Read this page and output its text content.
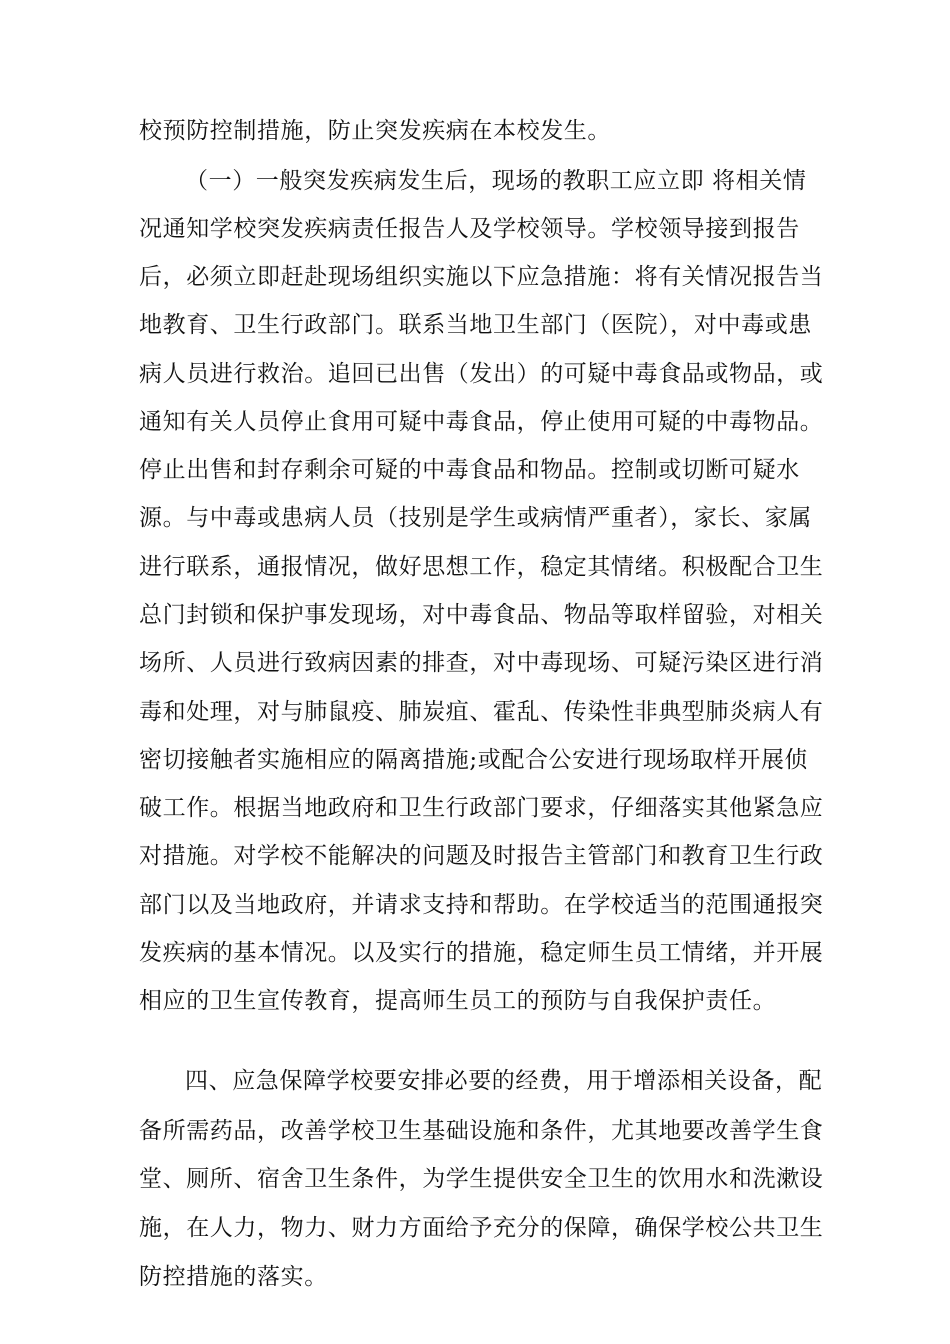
校预防控制措施，防止突发疾病在本校发生。
（一）一般突发疾病发生后，现场的教职工应立即 将相关情
况通知学校突发疾病责任报告人及学校领导。学校领导接到报告
后，必须立即赶赴现场组织实施以下应急措施：将有关情况报告当
地教育、卫生行政部门。联系当地卫生部门（医院），对中毒或患
病人员进行救治。追回已出售（发出）的可疑中毒食品或物品，或
通知有关人员停止食用可疑中毒食品，停止使用可疑的中毒物品。
停止出售和封存剩余可疑的中毒食品和物品。控制或切断可疑水
源。与中毒或患病人员（技别是学生或病情严重者），家长、家属
进行联系，通报情况，做好思想工作，稳定其情绪。积极配合卫生
总门封锁和保护事发现场，对中毒食品、物品等取样留验，对相关
场所、人员进行致病因素的排查，对中毒现场、可疑污染区进行消
毒和处理，对与肺鼠疫、肺炭疽、霍乱、传染性非典型肺炎病人有
密切接触者实施相应的隔离措施;或配合公安进行现场取样开展侦
破工作。根据当地政府和卫生行政部门要求，仔细落实其他紧急应
对措施。对学校不能解决的问题及时报告主管部门和教育卫生行政
部门以及当地政府，并请求支持和帮助。在学校适当的范围通报突
发疾病的基本情况。以及实行的措施，稳定师生员工情绪，并开展
相应的卫生宣传教育，提高师生员工的预防与自我保护责任。
四、应急保障学校要安排必要的经费，用于增添相关设备，配
备所需药品，改善学校卫生基础设施和条件，尤其地要改善学生食
堂、厕所、宿舍卫生条件，为学生提供安全卫生的饮用水和洗漱设
施，在人力，物力、财力方面给予充分的保障，确保学校公共卫生
防控措施的落实。
